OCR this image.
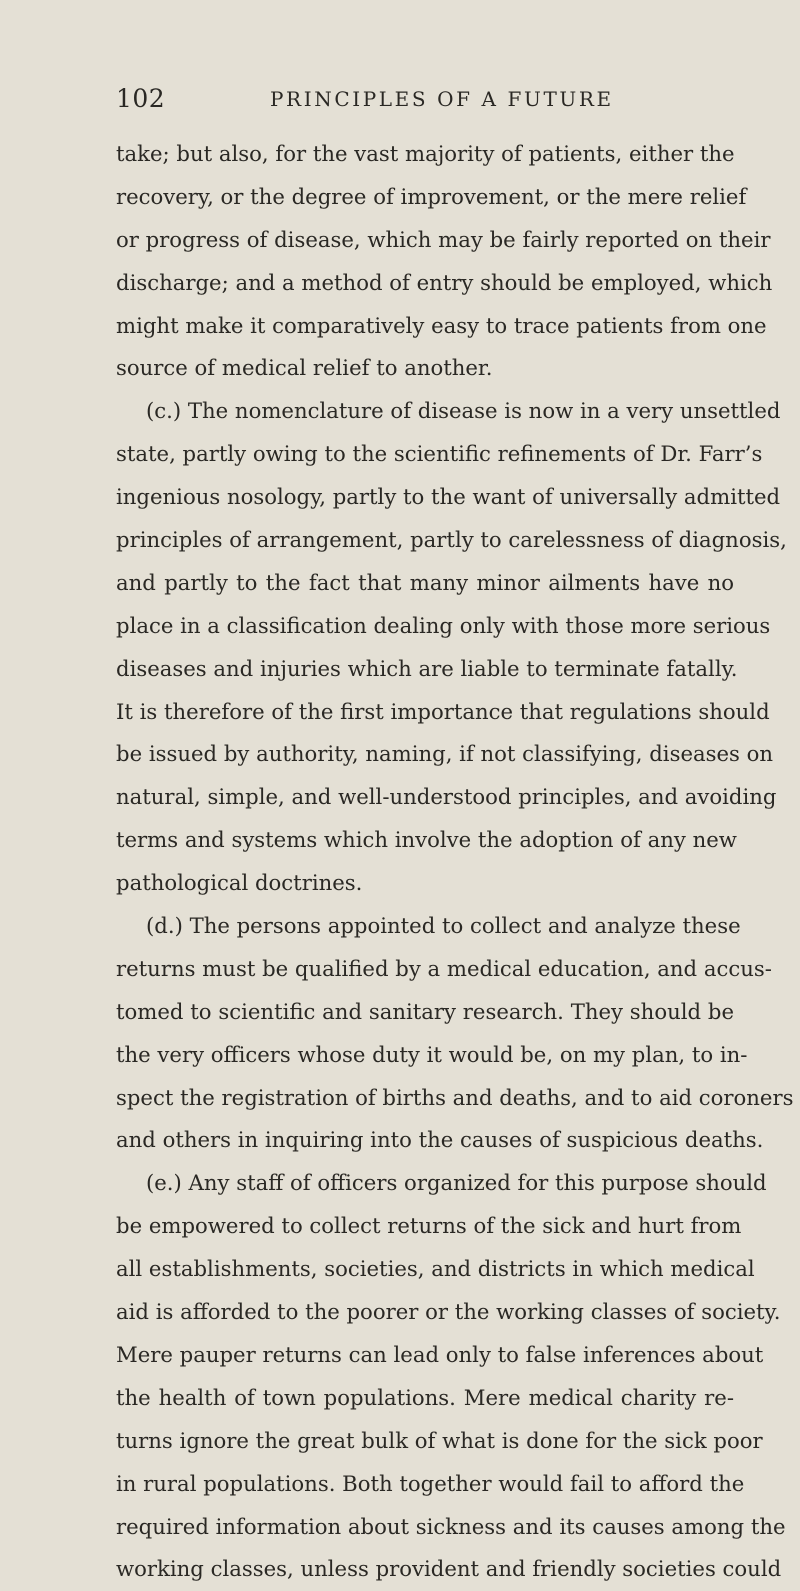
102	PRINCIPLES OF A FUTURE
take; but also, for the vast majority of patients, either the
recovery, or the degree of improvement, or the mere relief
or progress of disease, which may be fairly reported on their
discharge; and a method of entry should be employed, which
might make it comparatively easy to trace patients from one
source of medical relief to another.
(c.) The nomenclature of disease is now in a very unsettled
state, partly owing to the scientific refinements of Dr. Farr’s
ingenious nosology, partly to the want of universally admitted
principles of arrangement, partly to carelessness of diagnosis,
and partly to the fact that many minor ailments have no
place in a classification dealing only with those more serious
diseases and injuries which are liable to terminate fatally.
It is therefore of the first importance that regulations should
be issued by authority, naming, if not classifying, diseases on
natural, simple, and well-understood principles, and avoiding
terms and systems which involve the adoption of any new
pathological doctrines.
(d.) The persons appointed to collect and analyze these
returns must be qualified by a medical education, and accus-
tomed to scientific and sanitary research. They should be
the very officers whose duty it would be, on my plan, to in-
spect the registration of births and deaths, and to aid coroners
and others in inquiring into the causes of suspicious deaths.
(e.) Any staff of officers organized for this purpose should
be empowered to collect returns of the sick and hurt from
all establishments, societies, and districts in which medical
aid is afforded to the poorer or the working classes of society.
Mere pauper returns can lead only to false inferences about
the health of town populations. Mere medical charity re-
turns ignore the great bulk of what is done for the sick poor
in rural populations. Both together would fail to afford the
required information about sickness and its causes among the
working classes, unless provident and friendly societies could
